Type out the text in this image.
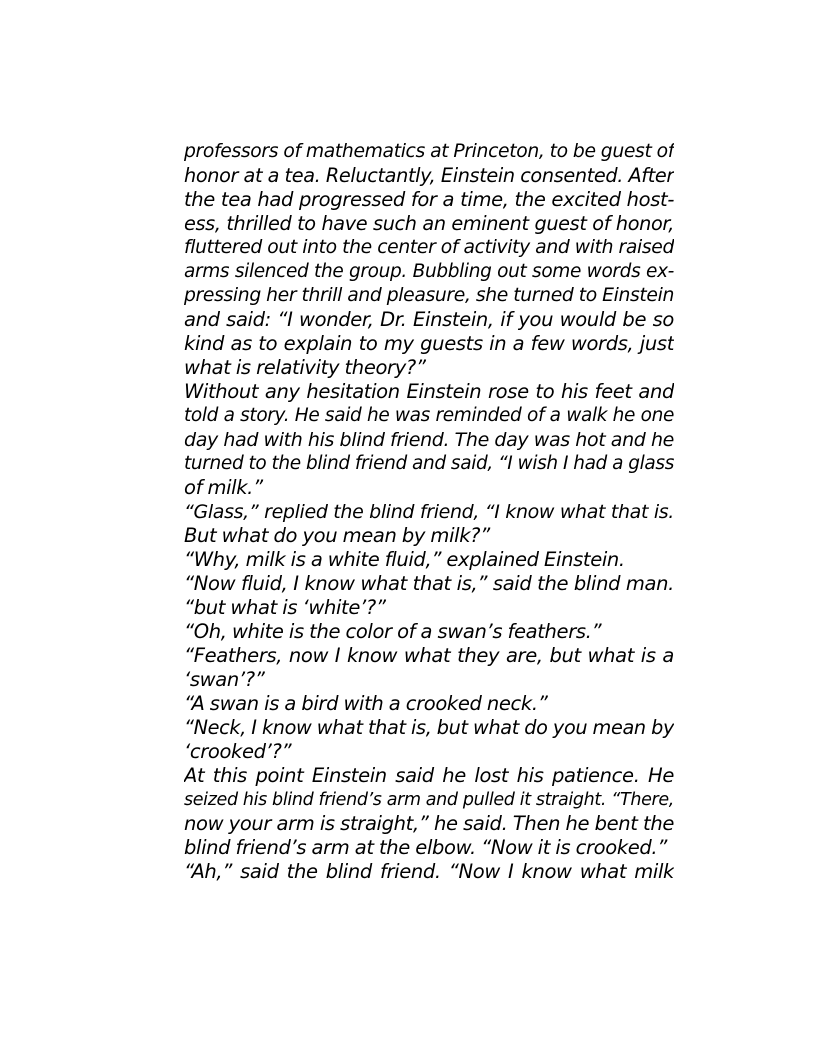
professors of mathematics at Princeton, to be guest of
honor at a tea. Reluctantly, Einstein consented. After
the tea had progressed for a time, the excited host-
ess, thrilled to have such an eminent guest of honor,
fluttered out into the center of activity and with raised
arms silenced the group. Bubbling out some words ex-
pressing her thrill and pleasure, she turned to Einstein
and said: “I wonder, Dr. Einstein, if you would be so
kind as to explain to my guests in a few words, just
what is relativity theory?”
Without any hesitation Einstein rose to his feet and
told a story. He said he was reminded of a walk he one
day had with his blind friend. The day was hot and he
turned to the blind friend and said, “I wish I had a glass
of milk.”
“Glass,” replied the blind friend, “I know what that is.
But what do you mean by milk?”
“Why, milk is a white fluid,” explained Einstein.
“Now fluid, I know what that is,” said the blind man.
“but what is ‘white’?”
“Oh, white is the color of a swan’s feathers.”
“Feathers, now I know what they are, but what is a
‘swan’?”
“A swan is a bird with a crooked neck.”
“Neck, I know what that is, but what do you mean by
‘crooked’?”
At this point Einstein said he lost his patience. He
seized his blind friend’s arm and pulled it straight. “There,
now your arm is straight,” he said. Then he bent the
blind friend’s arm at the elbow. “Now it is crooked.”
“Ah,” said the blind friend. “Now I know what milk
